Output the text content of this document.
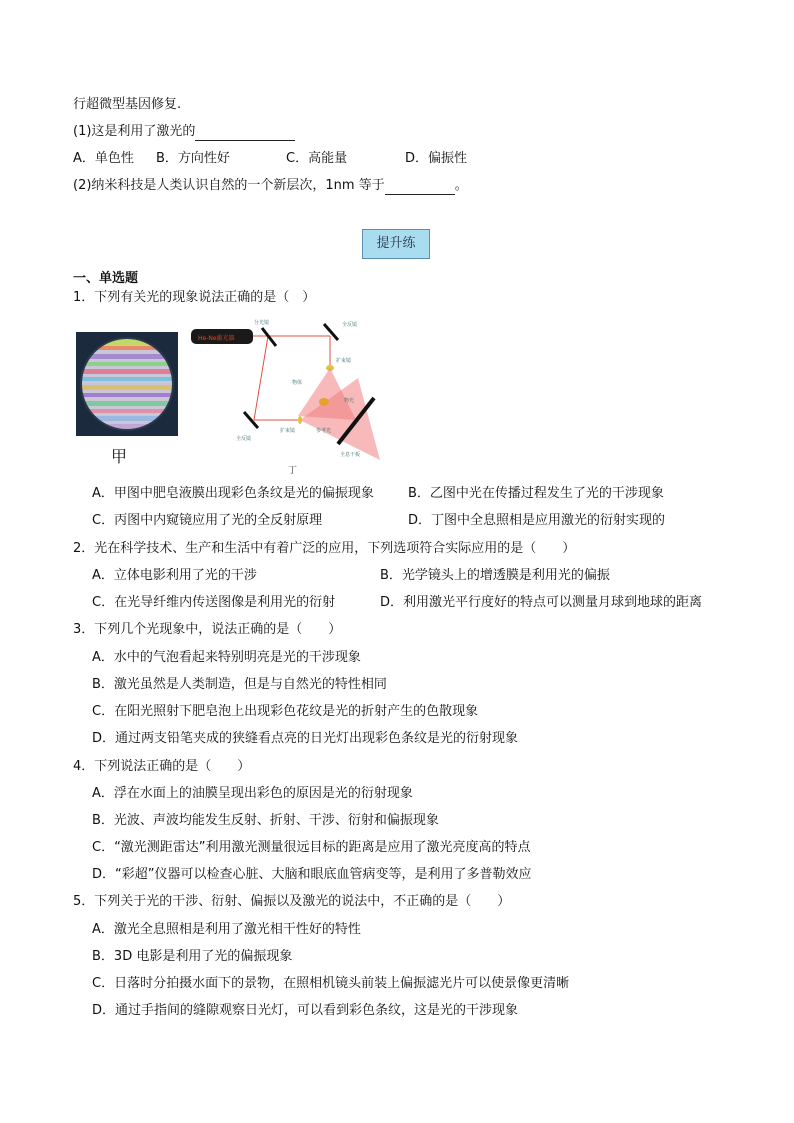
行超微型基因修复.
(1)这是利用了激光的
A．单色性 B．方向性好	C．高能量	D．偏振性
(2)纳米科技是人类认识自然的一个新层次，1nm 等于	。
提升练
一、单选题
1．下列有关光的现象说法正确的是（　）
甲
He-Ne激光器
分光镜	全反镜
扩束镜
物体
扩束镜	参考光
物光
全反镜
全息干板
丁
A．甲图中肥皂液膜出现彩色条纹是光的偏振现象	B．乙图中光在传播过程发生了光的干涉现象
C．丙图中内窥镜应用了光的全反射原理	D．丁图中全息照相是应用激光的衍射实现的
2．光在科学技术、生产和生活中有着广泛的应用，下列选项符合实际应用的是（　　）
A．立体电影利用了光的干涉	B．光学镜头上的增透膜是利用光的偏振
C．在光导纤维内传送图像是利用光的衍射	D．利用激光平行度好的特点可以测量月球到地球的距离
3．下列几个光现象中，说法正确的是（　　）
A．水中的气泡看起来特别明亮是光的干涉现象
B．激光虽然是人类制造，但是与自然光的特性相同
C．在阳光照射下肥皂泡上出现彩色花纹是光的折射产生的色散现象
D．通过两支铅笔夹成的狭缝看点亮的日光灯出现彩色条纹是光的衍射现象
4．下列说法正确的是（　　）
A．浮在水面上的油膜呈现出彩色的原因是光的衍射现象
B．光波、声波均能发生反射、折射、干涉、衍射和偏振现象
C．“激光测距雷达”利用激光测量很远目标的距离是应用了激光亮度高的特点
D．“彩超”仪器可以检查心脏、大脑和眼底血管病变等，是利用了多普勒效应
5．下列关于光的干涉、衍射、偏振以及激光的说法中，不正确的是（　　）
A．激光全息照相是利用了激光相干性好的特性
B．3D 电影是利用了光的偏振现象
C．日落时分拍摄水面下的景物，在照相机镜头前装上偏振滤光片可以使景像更清晰
D．通过手指间的缝隙观察日光灯，可以看到彩色条纹，这是光的干涉现象
